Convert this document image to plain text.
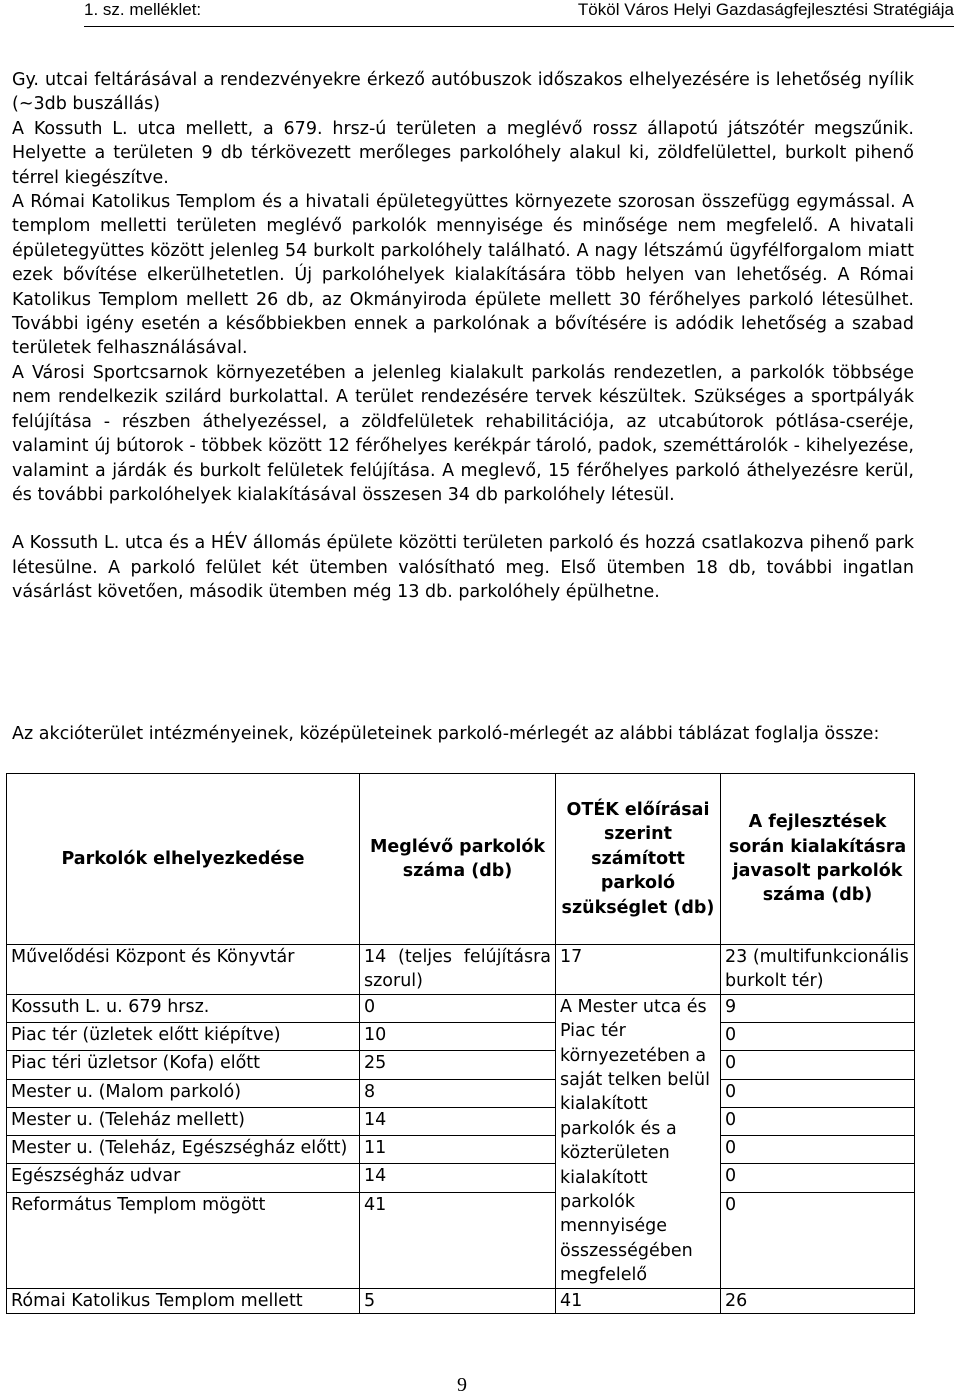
1. sz. melléklet:	Tököl Város Helyi Gazdaságfejlesztési Stratégiája

Gy. utcai feltárásával a rendezvényekre érkező autóbuszok időszakos elhelyezésére is lehetőség nyílik (~3db buszállás)

A Kossuth L. utca mellett, a 679. hrsz-ú területen a meglévő rossz állapotú játszótér megszűnik. Helyette a területen 9 db térkövezett merőleges parkolóhely alakul ki, zöldfelülettel, burkolt pihenő térrel kiegészítve.

A Római Katolikus Templom és a hivatali épületegyüttes környezete szorosan összefügg egymással. A templom melletti területen meglévő parkolók mennyisége és minősége nem megfelelő. A hivatali épületegyüttes között jelenleg 54 burkolt parkolóhely található. A nagy létszámú ügyfélforgalom miatt ezek bővítése elkerülhetetlen. Új parkolóhelyek kialakítására több helyen van lehetőség. A Római Katolikus Templom mellett 26 db, az Okmányiroda épülete mellett 30 férőhelyes parkoló létesülhet. További igény esetén a későbbiekben ennek a parkolónak a bővítésére is adódik lehetőség a szabad területek felhasználásával.

A Városi Sportcsarnok környezetében a jelenleg kialakult parkolás rendezetlen, a parkolók többsége nem rendelkezik szilárd burkolattal. A terület rendezésére tervek készültek. Szükséges a sportpályák felújítása - részben áthelyezéssel, a zöldfelületek rehabilitációja, az utcabútorok pótlása-cseréje, valamint új bútorok - többek között 12 férőhelyes kerékpár tároló, padok, szeméttárolók - kihelyezése, valamint a járdák és burkolt felületek felújítása. A meglevő, 15 férőhelyes parkoló áthelyezésre kerül, és további parkolóhelyek kialakításával összesen 34 db parkolóhely létesül.

A Kossuth L. utca és a HÉV állomás épülete közötti területen parkoló és hozzá csatlakozva pihenő park létesülne. A parkoló felület két ütemben valósítható meg. Első ütemben 18 db, további ingatlan vásárlást követően, második ütemben még 13 db. parkolóhely épülhetne.

Az akcióterület intézményeinek, középületeinek parkoló-mérlegét az alábbi táblázat foglalja össze:
Parkolók elhelyezkedése	Meglévő parkolók száma (db)	OTÉK előírásai szerint számított parkoló szükséglet (db)	A fejlesztések során kialakításra javasolt parkolók száma (db)
Művelődési Központ és Könyvtár	14 (teljes felújításra szorul)	17	23 (multifunkcionális burkolt tér)
Kossuth L. u. 679 hrsz.	0	A Mester utca és Piac tér környezetében a saját telken belül kialakított parkolók és a közterületen kialakított parkolók mennyisége összességében megfelelő	9
Piac tér (üzletek előtt kiépítve)	10		0
Piac téri üzletsor (Kofa) előtt	25		0
Mester u. (Malom parkoló)	8		0
Mester u. (Teleház mellett)	14		0
Mester u. (Teleház, Egészségház előtt)	11		0
Egészségház udvar	14		0
Református Templom mögött	41		0
Római Katolikus Templom mellett	5	41	26
9
